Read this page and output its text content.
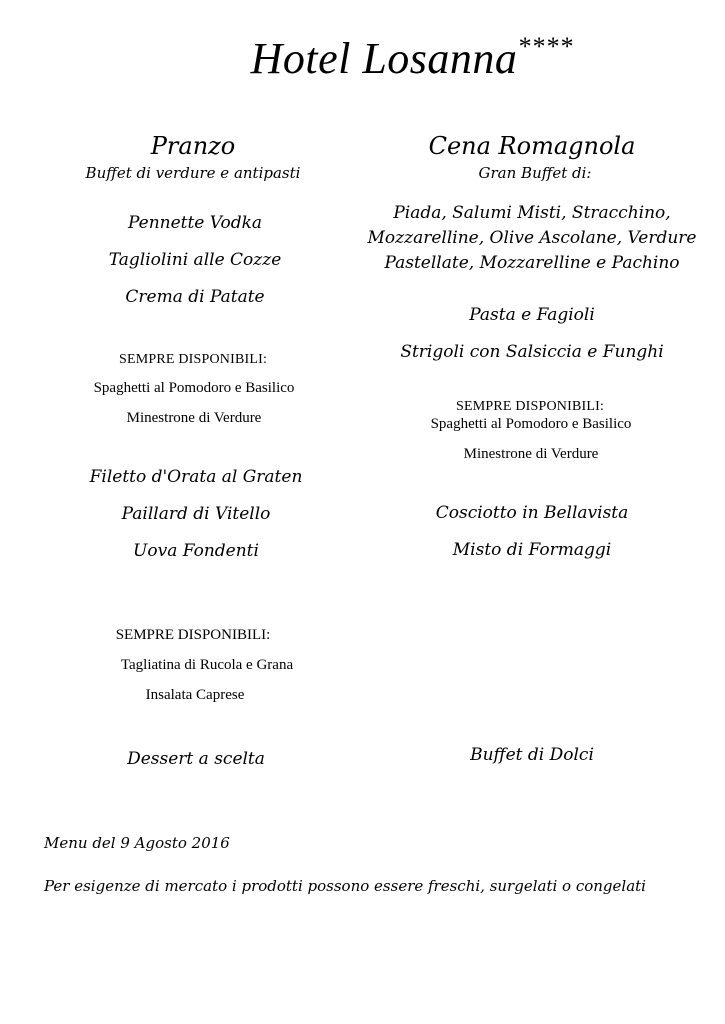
Hotel Losanna****
Pranzo
Buffet di verdure e antipasti
Pennette Vodka
Tagliolini alle Cozze
Crema di Patate
SEMPRE DISPONIBILI:
Spaghetti al Pomodoro e Basilico
Minestrone di Verdure
Filetto d'Orata al Graten
Paillard di Vitello
Uova Fondenti
SEMPRE DISPONIBILI:
Tagliatina di Rucola e Grana
Insalata Caprese
Dessert a scelta
Cena Romagnola
Gran Buffet di:
Piada, Salumi Misti, Stracchino,
Mozzarelline, Olive Ascolane, Verdure
Pastellate, Mozzarelline e Pachino
Pasta e Fagioli
Strigoli con Salsiccia e Funghi
SEMPRE DISPONIBILI:
Spaghetti al Pomodoro e Basilico
Minestrone di Verdure
Cosciotto in Bellavista
Misto di Formaggi
Buffet di Dolci
Menu del 9 Agosto 2016
Per esigenze di mercato i prodotti possono essere freschi, surgelati o congelati
